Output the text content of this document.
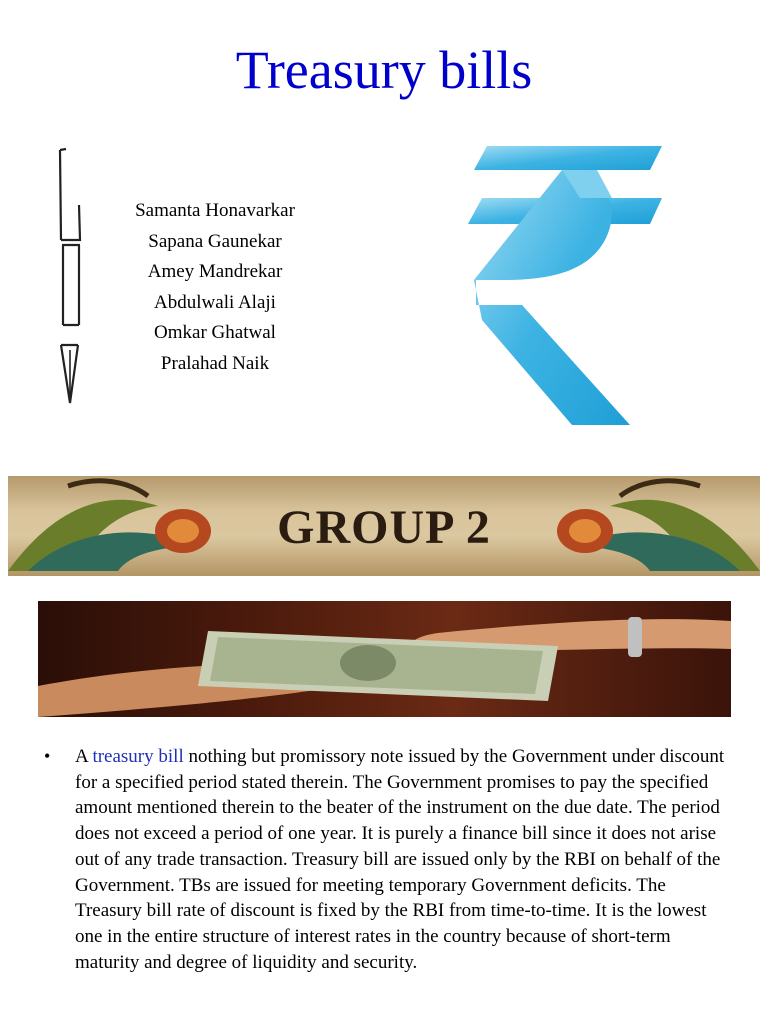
Treasury bills
Samanta Honavarkar
Sapana Gaunekar
Amey Mandrekar
Abdulwali Alaji
Omkar Ghatwal
Pralahad Naik
GROUP 2
• A treasury bill nothing but promissory note issued by the Government under discount for a specified period stated therein. The Government promises to pay the specified amount mentioned therein to the beater of the instrument on the due date. The period does not exceed a period of one year. It is purely a finance bill since it does not arise out of any trade transaction. Treasury bill are issued only by the RBI on behalf of the Government. TBs are issued for meeting temporary Government deficits. The Treasury bill rate of discount is fixed by the RBI from time-to-time. It is the lowest one in the entire structure of interest rates in the country because of short-term maturity and degree of liquidity and security.
